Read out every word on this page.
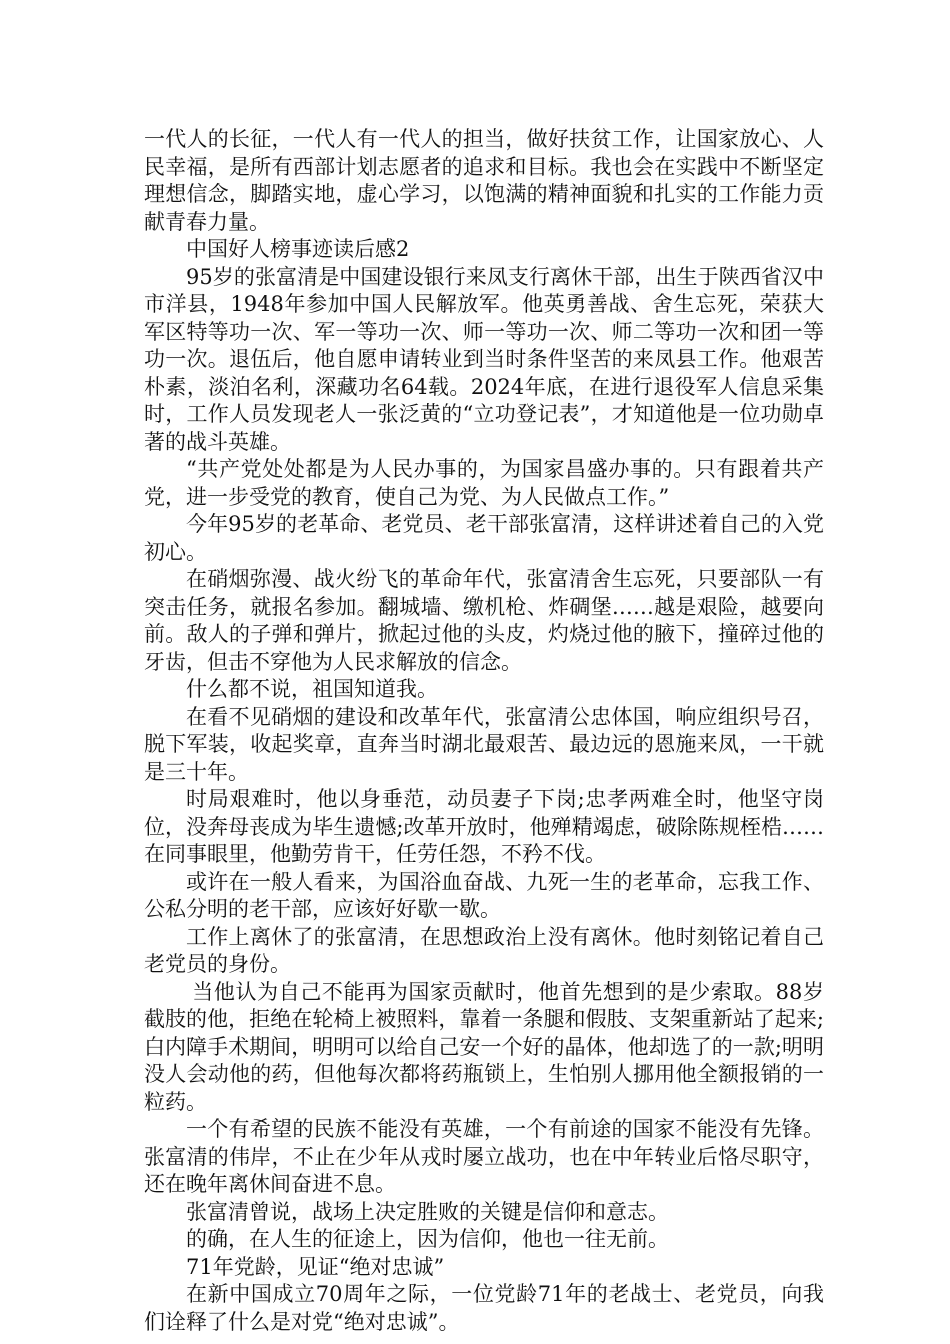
一代人的长征，一代人有一代人的担当，做好扶贫工作，让国家放心、人民幸福，是所有西部计划志愿者的追求和目标。我也会在实践中不断坚定理想信念，脚踏实地，虚心学习，以饱满的精神面貌和扎实的工作能力贡献青春力量。

中国好人榜事迹读后感2

95岁的张富清是中国建设银行来凤支行离休干部，出生于陕西省汉中市洋县，1948年参加中国人民解放军。他英勇善战、舍生忘死，荣获大军区特等功一次、军一等功一次、师一等功一次、师二等功一次和团一等功一次。退伍后，他自愿申请转业到当时条件坚苦的来凤县工作。他艰苦朴素，淡泊名利，深藏功名64载。2024年底，在进行退役军人信息采集时，工作人员发现老人一张泛黄的“立功登记表”，才知道他是一位功勋卓著的战斗英雄。

“共产党处处都是为人民办事的，为国家昌盛办事的。只有跟着共产党，进一步受党的教育，使自己为党、为人民做点工作。”

今年95岁的老革命、老党员、老干部张富清，这样讲述着自己的入党初心。

在硝烟弥漫、战火纷飞的革命年代，张富清舍生忘死，只要部队一有突击任务，就报名参加。翻城墙、缴机枪、炸碉堡……越是艰险，越要向前。敌人的子弹和弹片，掀起过他的头皮，灼烧过他的腋下，撞碎过他的牙齿，但击不穿他为人民求解放的信念。

什么都不说，祖国知道我。

在看不见硝烟的建设和改革年代，张富清公忠体国，响应组织号召，脱下军装，收起奖章，直奔当时湖北最艰苦、最边远的恩施来凤，一干就是三十年。

时局艰难时，他以身垂范，动员妻子下岗;忠孝两难全时，他坚守岗位，没奔母丧成为毕生遗憾;改革开放时，他殚精竭虑，破除陈规桎梏……在同事眼里，他勤劳肯干，任劳任怨，不矜不伐。

或许在一般人看来，为国浴血奋战、九死一生的老革命，忘我工作、公私分明的老干部，应该好好歇一歇。

工作上离休了的张富清，在思想政治上没有离休。他时刻铭记着自己老党员的身份。

当他认为自己不能再为国家贡献时，他首先想到的是少索取。88岁截肢的他，拒绝在轮椅上被照料，靠着一条腿和假肢、支架重新站了起来;白内障手术期间，明明可以给自己安一个好的晶体，他却选了的一款;明明没人会动他的药，但他每次都将药瓶锁上，生怕别人挪用他全额报销的一粒药。

一个有希望的民族不能没有英雄，一个有前途的国家不能没有先锋。张富清的伟岸，不止在少年从戎时屡立战功，也在中年转业后恪尽职守，还在晚年离休间奋进不息。

张富清曾说，战场上决定胜败的关键是信仰和意志。

的确，在人生的征途上，因为信仰，他也一往无前。

71年党龄，见证“绝对忠诚”

在新中国成立70周年之际，一位党龄71年的老战士、老党员，向我们诠释了什么是对党“绝对忠诚”。
